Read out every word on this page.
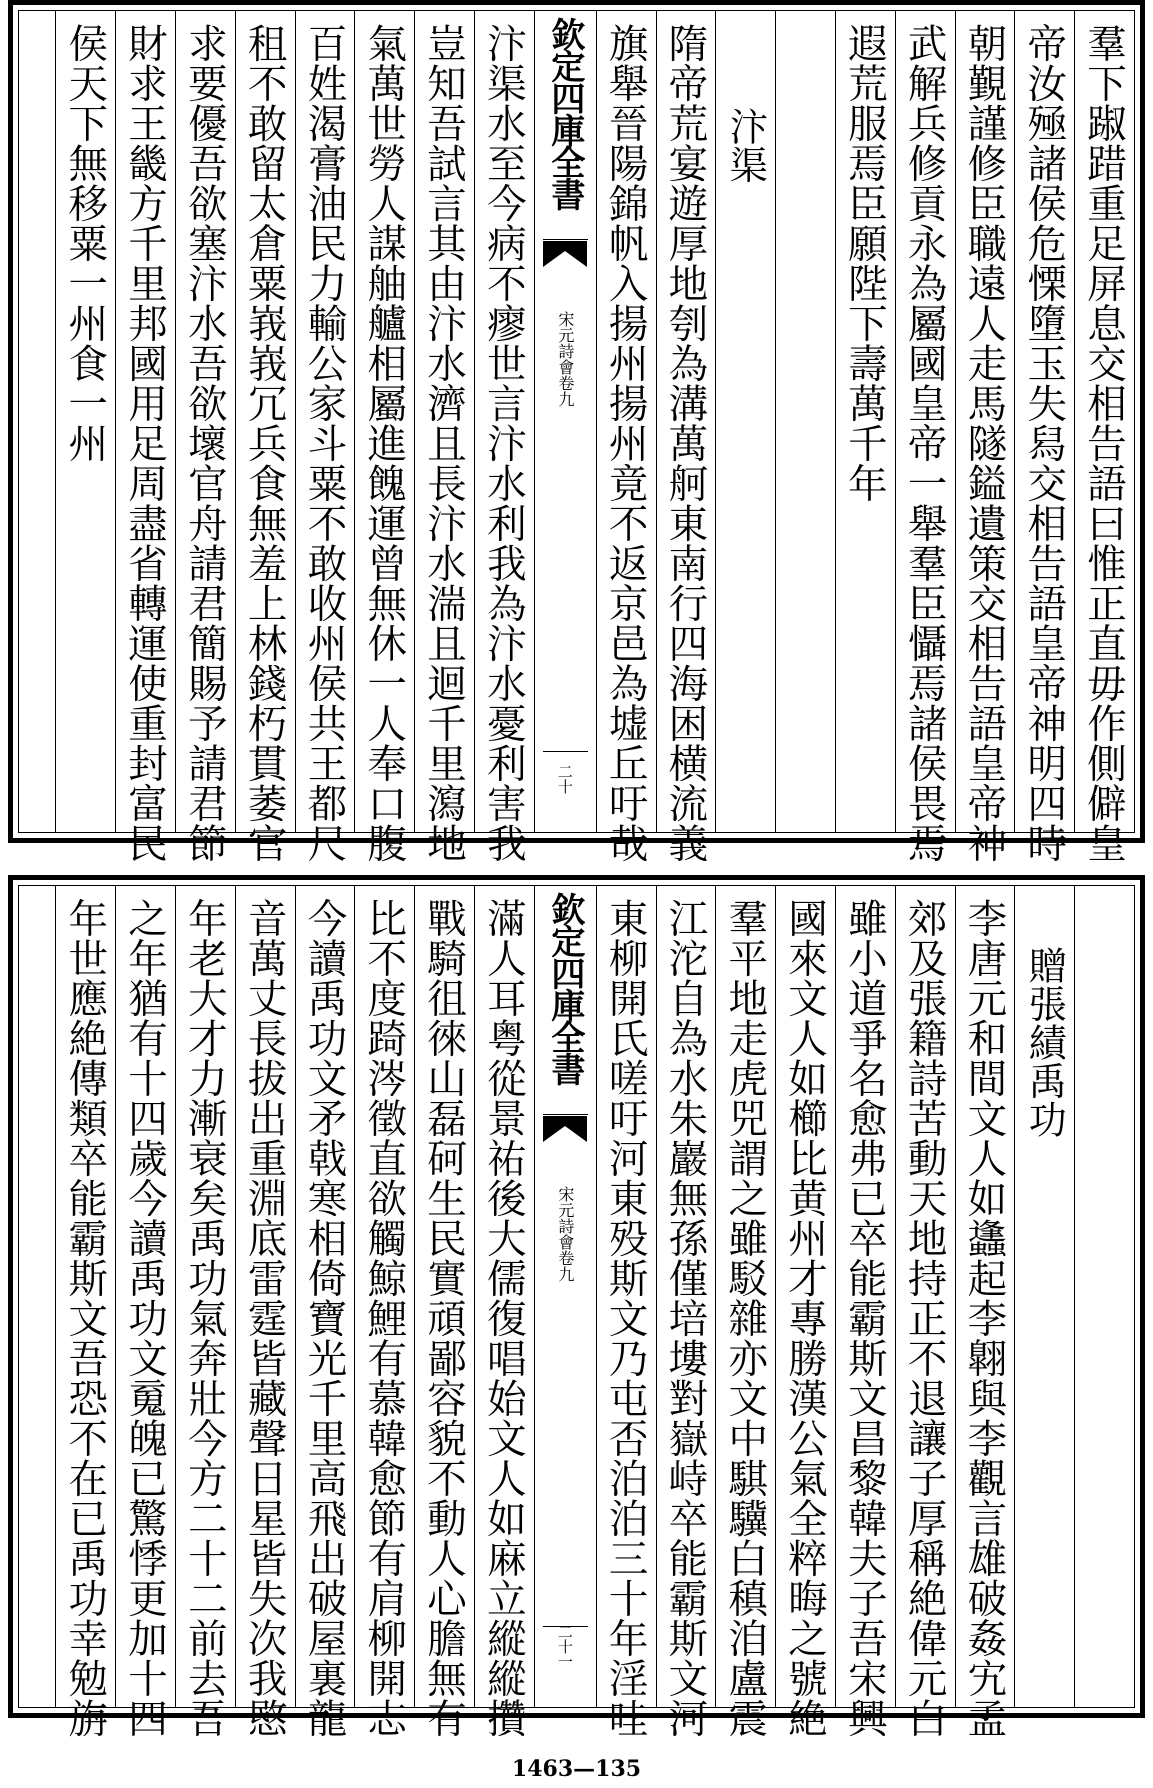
羣下踧踖重足屏息交相告語曰惟正直毋作側僻皇
帝汝殛諸侯危慄墮玉失舄交相告語皇帝神明四時
朝覲謹修臣職遠人走馬隧鎰遺策交相告語皇帝神
武解兵修貢永為屬國皇帝一舉羣臣懾焉諸侯畏焉
遐荒服焉臣願陛下壽萬千年
汴渠
隋帝荒宴遊厚地刳為溝萬舸東南行四海困横流義
旗舉晉陽錦帆入揚州揚州竟不返京邑為墟丘吁哉
欽定四庫全書
宋元詩會卷九
二十
汴渠水至今病不瘳世言汴水利我為汴水憂利害我
豈知吾試言其由汴水濟且長汴水湍且迴千里瀉地
氣萬世勞人謀舳艫相屬進餽運曾無休一人奉口腹
百姓渴膏油民力輸公家斗粟不敢收州侯共王都尺
租不敢留太倉粟峩峩冗兵食無羞上林錢朽貫萎官
求要優吾欲塞汴水吾欲壞官舟請君簡賜予請君節
財求王畿方千里邦國用足周盡省轉運使重封富民
侯天下無移粟一州食一州
贈張績禹功
李唐元和間文人如蠭起李翺與李觀言雄破姦宄孟
郊及張籍詩苦動天地持正不退讓子厚稱絶偉元白
雖小道爭名愈弗已卒能霸斯文昌黎韓夫子吾宋興
國來文人如櫛比黄州才專勝漢公氣全粹晦之號絶
羣平地走虎兕謂之雖駁雜亦文中騏驥白稹洎盧震
江沱自為水朱巖無孫僅培塿對嶽峙卒能霸斯文河
東柳開氏嗟吁河東殁斯文乃屯否泊泊三十年淫哇
欽定四庫全書
宋元詩會卷九
二十一
滿人耳粤從景祐後大儒復唱始文人如麻立縱縱攢
戰騎徂徠山磊砢生民實頑鄙容貌不動人心膽無有
比不度踦涔徵直欲觸鯨鯉有慕韓愈節有肩柳開志
今讀禹功文矛戟寒相倚寶光千里高飛出破屋裏龍
音萬丈長拔出重淵底雷霆皆藏聲日星皆失次我愍
年老大才力漸衰矣禹功氣奔壯今方二十二前去吾
之年猶有十四歲今讀禹功文䰟魄已驚悸更加十四
年世應絶傳類卒能霸斯文吾恐不在已禹功幸勉旃
1463—135
